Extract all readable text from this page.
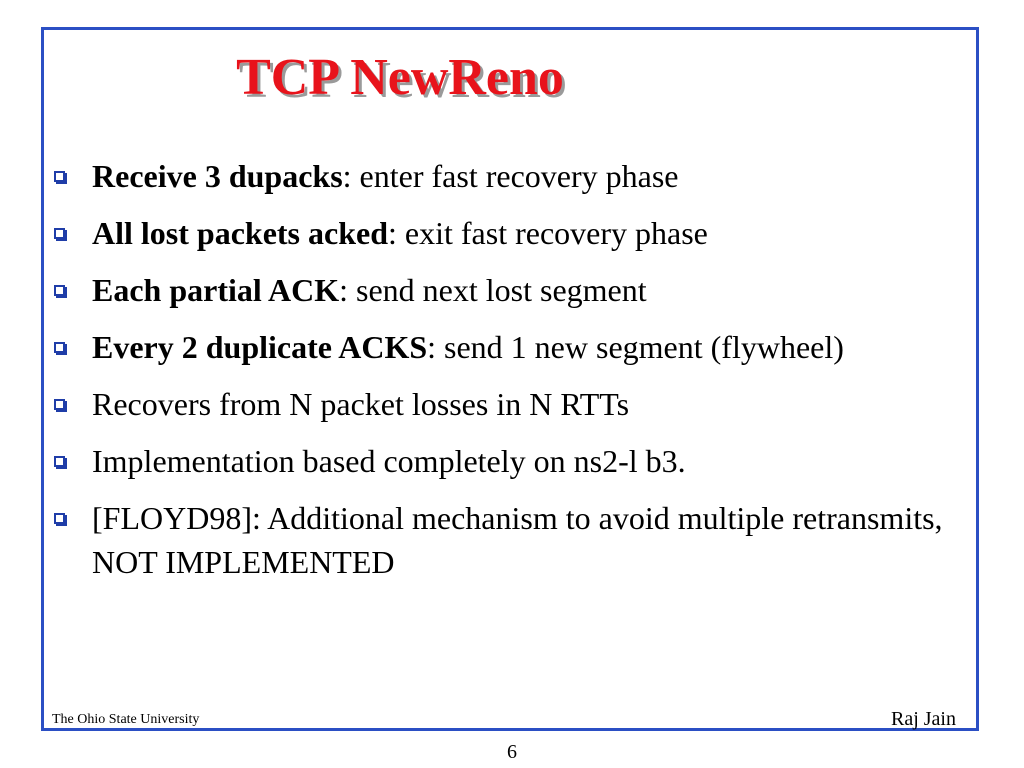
TCP NewReno
Receive 3 dupacks: enter fast recovery phase
All lost packets acked: exit fast recovery phase
Each partial ACK: send next lost segment
Every 2 duplicate ACKS: send 1 new segment (flywheel)
Recovers from N packet losses in N RTTs
Implementation based completely on ns2-l b3.
[FLOYD98]: Additional mechanism to avoid multiple retransmits, NOT IMPLEMENTED
The Ohio State University	Raj Jain
6
